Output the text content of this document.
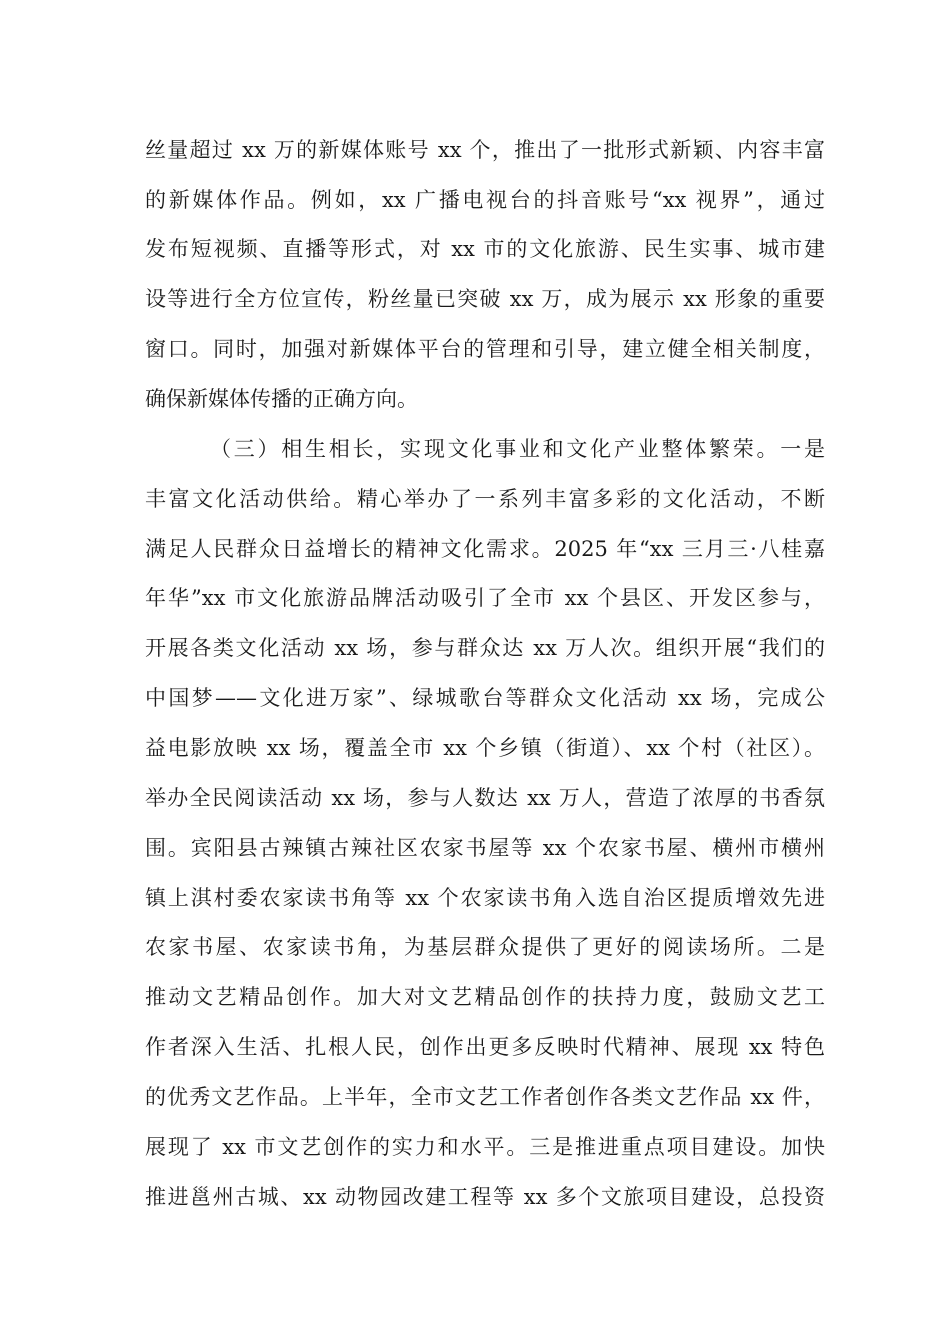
丝量超过 xx 万的新媒体账号 xx 个，推出了一批形式新颖、内容丰富
的新媒体作品。例如，xx 广播电视台的抖音账号“xx 视界”，通过
发布短视频、直播等形式，对 xx 市的文化旅游、民生实事、城市建
设等进行全方位宣传，粉丝量已突破 xx 万，成为展示 xx 形象的重要
窗口。同时，加强对新媒体平台的管理和引导，建立健全相关制度，
确保新媒体传播的正确方向。
（三）相生相长，实现文化事业和文化产业整体繁荣。一是
丰富文化活动供给。精心举办了一系列丰富多彩的文化活动，不断
满足人民群众日益增长的精神文化需求。2025 年“xx 三月三·八桂嘉
年华”xx 市文化旅游品牌活动吸引了全市 xx 个县区、开发区参与，
开展各类文化活动 xx 场，参与群众达 xx 万人次。组织开展“我们的
中国梦——文化进万家”、绿城歌台等群众文化活动 xx 场，完成公
益电影放映 xx 场，覆盖全市 xx 个乡镇（街道）、xx 个村（社区）。
举办全民阅读活动 xx 场，参与人数达 xx 万人，营造了浓厚的书香氛
围。宾阳县古辣镇古辣社区农家书屋等 xx 个农家书屋、横州市横州
镇上淇村委农家读书角等 xx 个农家读书角入选自治区提质增效先进
农家书屋、农家读书角，为基层群众提供了更好的阅读场所。二是
推动文艺精品创作。加大对文艺精品创作的扶持力度，鼓励文艺工
作者深入生活、扎根人民，创作出更多反映时代精神、展现 xx 特色
的优秀文艺作品。上半年，全市文艺工作者创作各类文艺作品 xx 件，
展现了 xx 市文艺创作的实力和水平。三是推进重点项目建设。加快
推进邕州古城、xx 动物园改建工程等 xx 多个文旅项目建设，总投资
